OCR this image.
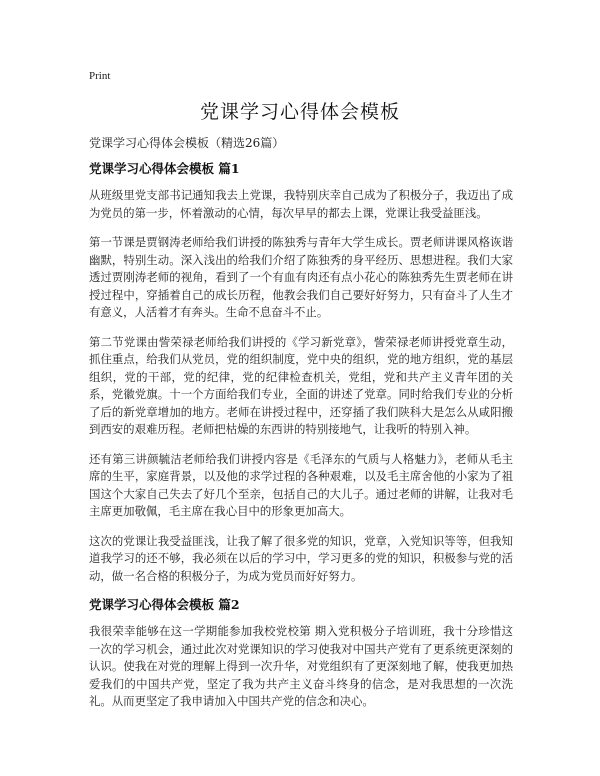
Print
党课学习心得体会模板
党课学习心得体会模板（精选26篇）
党课学习心得体会模板 篇1

从班级里党支部书记通知我去上党课，我特别庆幸自己成为了积极分子，我迈出了成为党员的第一步，怀着激动的心情，每次早早的都去上课，党课让我受益匪浅。

第一节课是贾钢涛老师给我们讲授的陈独秀与青年大学生成长。贾老师讲课风格诙谐幽默，特别生动。深入浅出的给我们介绍了陈独秀的身平经历、思想进程。我们大家透过贾刚涛老师的视角，看到了一个有血有肉还有点小花心的陈独秀先生贾老师在讲授过程中，穿插着自己的成长历程，他教会我们自己要好好努力，只有奋斗了人生才有意义，人活着才有奔头。生命不息奋斗不止。

第二节党课由訾荣禄老师给我们讲授的《学习新党章》，訾荣禄老师讲授党章生动，抓住重点，给我们从党员，党的组织制度，党中央的组织，党的地方组织，党的基层组织，党的干部，党的纪律，党的纪律检查机关，党组，党和共产主义青年团的关系，党徽党旗。十一个方面给我们专业，全面的讲述了党章。同时给我们专业的分析了后的新党章增加的地方。老师在讲授过程中，还穿插了我们陕科大是怎么从咸阳搬到西安的艰难历程。老师把枯燥的东西讲的特别接地气，让我听的特别入神。

还有第三讲颜毓洁老师给我们讲授内容是《毛泽东的气质与人格魅力》，老师从毛主席的生平，家庭背景，以及他的求学过程的各种艰难，以及毛主席舍他的小家为了祖国这个大家自己失去了好几个至亲，包括自己的大儿子。通过老师的讲解，让我对毛主席更加敬佩，毛主席在我心目中的形象更加高大。

这次的党课让我受益匪浅，让我了解了很多党的知识，党章，入党知识等等，但我知道我学习的还不够，我必须在以后的学习中，学习更多的党的知识，积极参与党的活动，做一名合格的积极分子，为成为党员而好好努力。

党课学习心得体会模板 篇2

我很荣幸能够在这一学期能参加我校党校第 期入党积极分子培训班，我十分珍惜这一次的学习机会，通过此次对党课知识的学习使我对中国共产党有了更系统更深刻的认识。使我在对党的理解上得到一次升华，对党组织有了更深刻地了解，使我更加热爱我们的中国共产党，坚定了我为共产主义奋斗终身的信念，是对我思想的一次洗礼。从而更坚定了我申请加入中国共产党的信念和决心。
